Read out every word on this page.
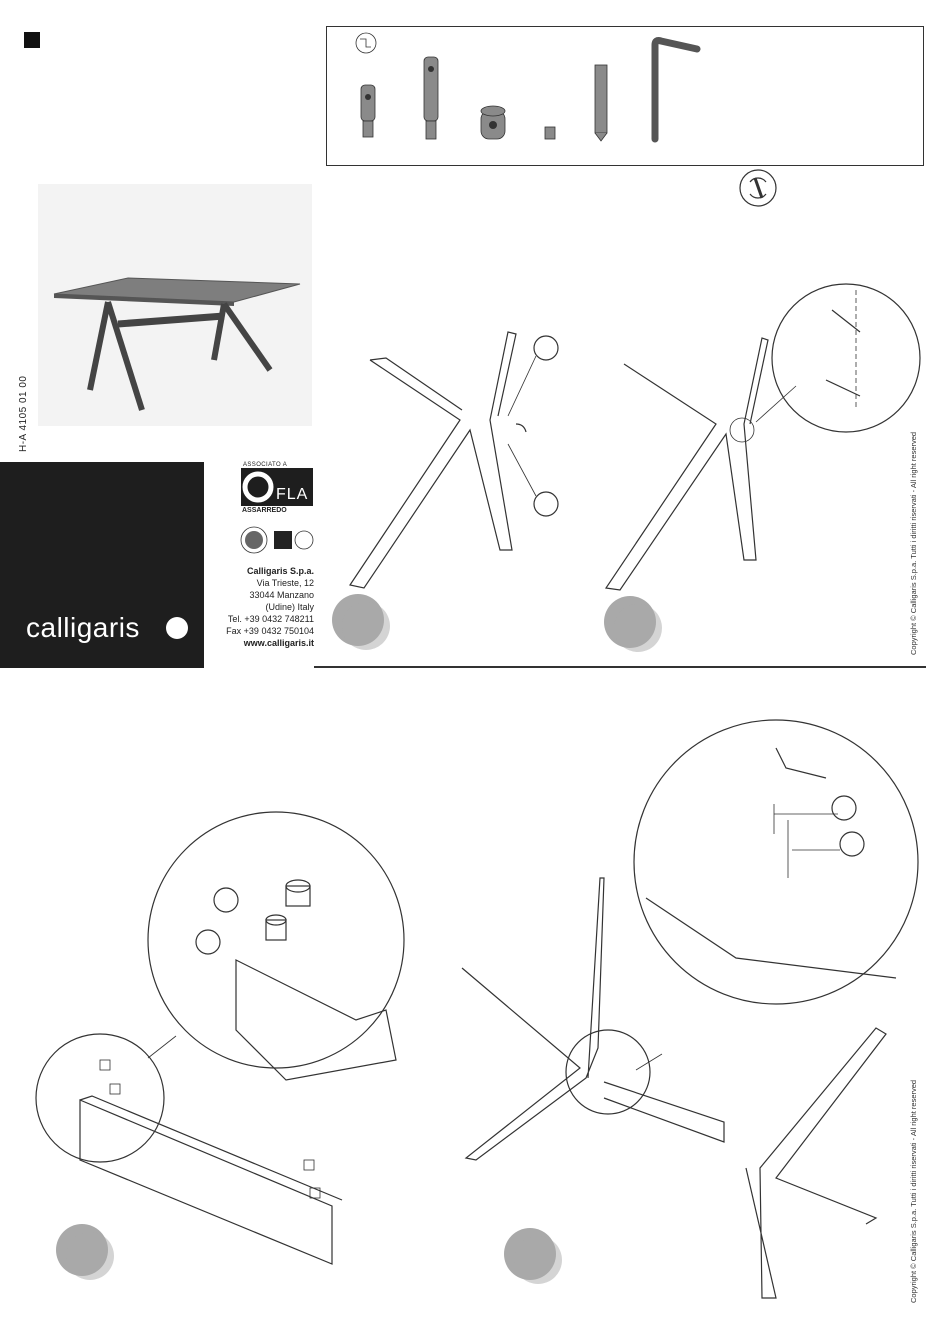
H-A 4105 01 00
calligaris
ASSOCIATO A
FLA
ASSARREDO
Calligaris S.p.a.
Via Trieste, 12
33044 Manzano
(Udine) Italy
Tel. +39 0432 748211
Fax +39 0432 750104
www.calligaris.it	Copyright © Calligaris S.p.a. Tutti i diritti riservati - All right reserved
Copyright © Calligaris S.p.a. Tutti i diritti riservati - All right reserved
